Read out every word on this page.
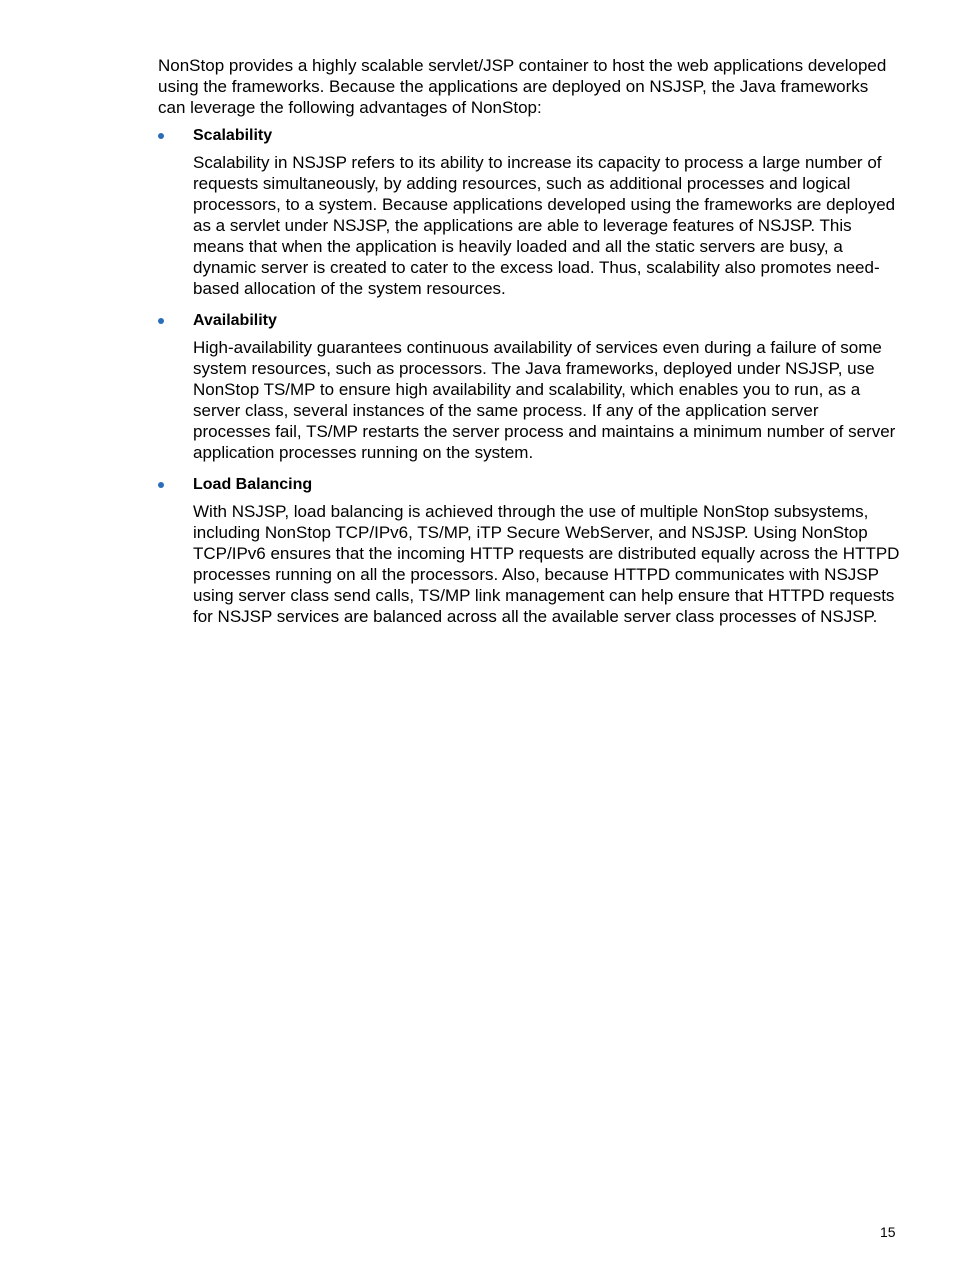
NonStop provides a highly scalable servlet/JSP container to host the web applications developed using the frameworks. Because the applications are deployed on NSJSP, the Java frameworks can leverage the following advantages of NonStop:

Scalability

Scalability in NSJSP refers to its ability to increase its capacity to process a large number of requests simultaneously, by adding resources, such as additional processes and logical processors, to a system. Because applications developed using the frameworks are deployed as a servlet under NSJSP, the applications are able to leverage features of NSJSP. This means that when the application is heavily loaded and all the static servers are busy, a dynamic server is created to cater to the excess load. Thus, scalability also promotes need-based allocation of the system resources.

Availability

High-availability guarantees continuous availability of services even during a failure of some system resources, such as processors. The Java frameworks, deployed under NSJSP, use NonStop TS/MP to ensure high availability and scalability, which enables you to run, as a server class, several instances of the same process. If any of the application server processes fail, TS/MP restarts the server process and maintains a minimum number of server application processes running on the system.

Load Balancing

With NSJSP, load balancing is achieved through the use of multiple NonStop subsystems, including NonStop TCP/IPv6, TS/MP, iTP Secure WebServer, and NSJSP. Using NonStop TCP/IPv6 ensures that the incoming HTTP requests are distributed equally across the HTTPD processes running on all the processors. Also, because HTTPD communicates with NSJSP using server class send calls, TS/MP link management can help ensure that HTTPD requests for NSJSP services are balanced across all the available server class processes of NSJSP.

15
